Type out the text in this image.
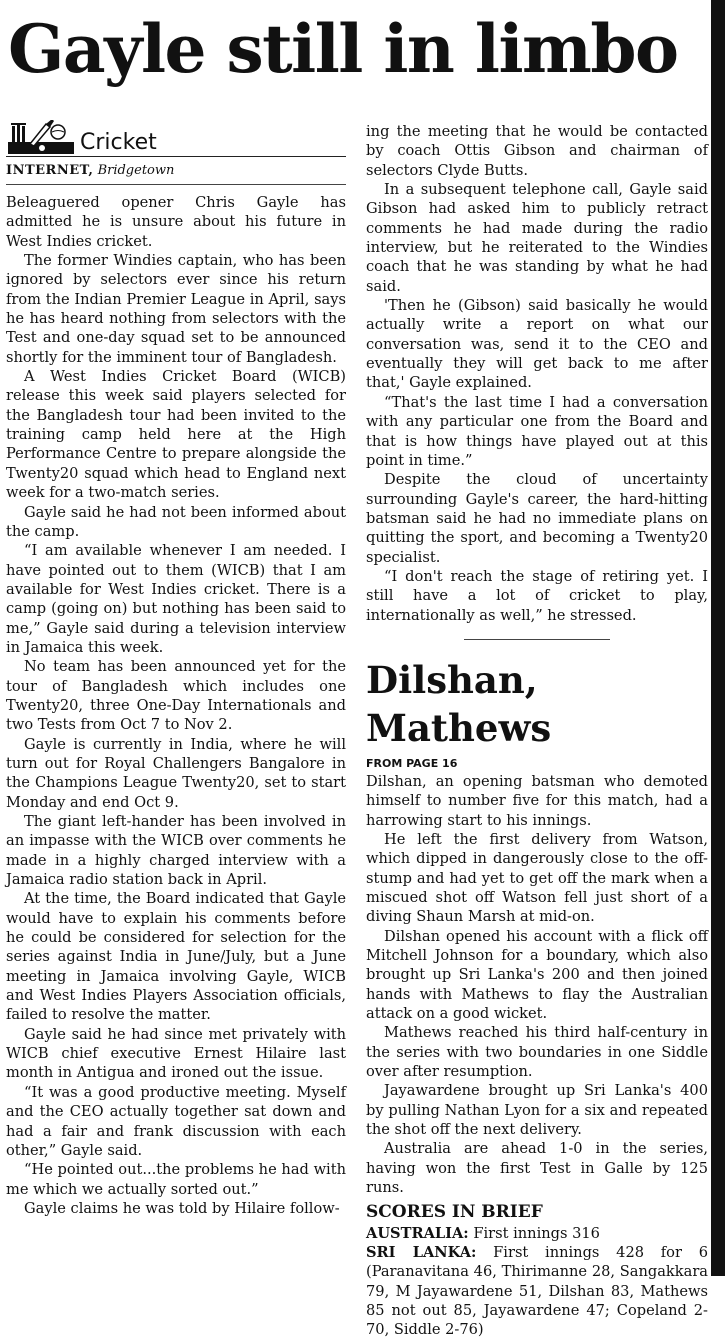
Gayle still in limbo
Cricket
INTERNET, Bridgetown

Beleaguered opener Chris Gayle has admitted he is unsure about his future in West Indies cricket.

The former Windies captain, who has been ignored by selectors ever since his return from the Indian Premier League in April, says he has heard nothing from selectors with the Test and one-day squad set to be announced shortly for the imminent tour of Bangladesh.

A West Indies Cricket Board (WICB) release this week said players selected for the Bangladesh tour had been invited to the training camp held here at the High Performance Centre to prepare alongside the Twenty20 squad which head to England next week for a two-match series.

Gayle said he had not been informed about the camp.

“I am available whenever I am needed. I have pointed out to them (WICB) that I am available for West Indies cricket. There is a camp (going on) but nothing has been said to me,” Gayle said during a television interview in Jamaica this week.

No team has been announced yet for the tour of Bangladesh which includes one Twenty20, three One-Day Internationals and two Tests from Oct 7 to Nov 2.

Gayle is currently in India, where he will turn out for Royal Challengers Bangalore in the Champions League Twenty20, set to start Monday and end Oct 9.

The giant left-hander has been involved in an impasse with the WICB over comments he made in a highly charged interview with a Jamaica radio station back in April.

At the time, the Board indicated that Gayle would have to explain his comments before he could be considered for selection for the series against India in June/July, but a June meeting in Jamaica involving Gayle, WICB and West Indies Players Association officials, failed to resolve the matter.

Gayle said he had since met privately with WICB chief executive Ernest Hilaire last month in Antigua and ironed out the issue.

“It was a good productive meeting. Myself and the CEO actually together sat down and had a fair and frank discussion with each other,” Gayle said.

“He pointed out...the problems he had with me which we actually sorted out.”

Gayle claims he was told by Hilaire follow-

ing the meeting that he would be contacted by coach Ottis Gibson and chairman of selectors Clyde Butts.

In a subsequent telephone call, Gayle said Gibson had asked him to publicly retract comments he had made during the radio interview, but he reiterated to the Windies coach that he was standing by what he had said.

'Then he (Gibson) said basically he would actually write a report on what our conversation was, send it to the CEO and eventually they will get back to me after that,' Gayle explained.

“That's the last time I had a conversation with any particular one from the Board and that is how things have played out at this point in time.”

Despite the cloud of uncertainty surrounding Gayle's career, the hard-hitting batsman said he had no immediate plans on quitting the sport, and becoming a Twenty20 specialist.

“I don't reach the stage of retiring yet. I still have a lot of cricket to play, internationally as well,” he stressed.

Dilshan, Mathews
FROM PAGE 16

Dilshan, an opening batsman who demoted himself to number five for this match, had a harrowing start to his innings.

He left the first delivery from Watson, which dipped in dangerously close to the off-stump and had yet to get off the mark when a miscued shot off Watson fell just short of a diving Shaun Marsh at mid-on.

Dilshan opened his account with a flick off Mitchell Johnson for a boundary, which also brought up Sri Lanka's 200 and then joined hands with Mathews to flay the Australian attack on a good wicket.

Mathews reached his third half-century in the series with two boundaries in one Siddle over after resumption.

Jayawardene brought up Sri Lanka's 400 by pulling Nathan Lyon for a six and repeated the shot off the next delivery.

Australia are ahead 1-0 in the series, having won the first Test in Galle by 125 runs.

SCORES IN BRIEF

AUSTRALIA: First innings 316

SRI LANKA: First innings 428 for 6 (Paranavitana 46, Thirimanne 28, Sangakkara 79, M Jayawardene 51, Dilshan 83, Mathews 85 not out 85, Jayawardene 47; Copeland 2-70, Siddle 2-76)
